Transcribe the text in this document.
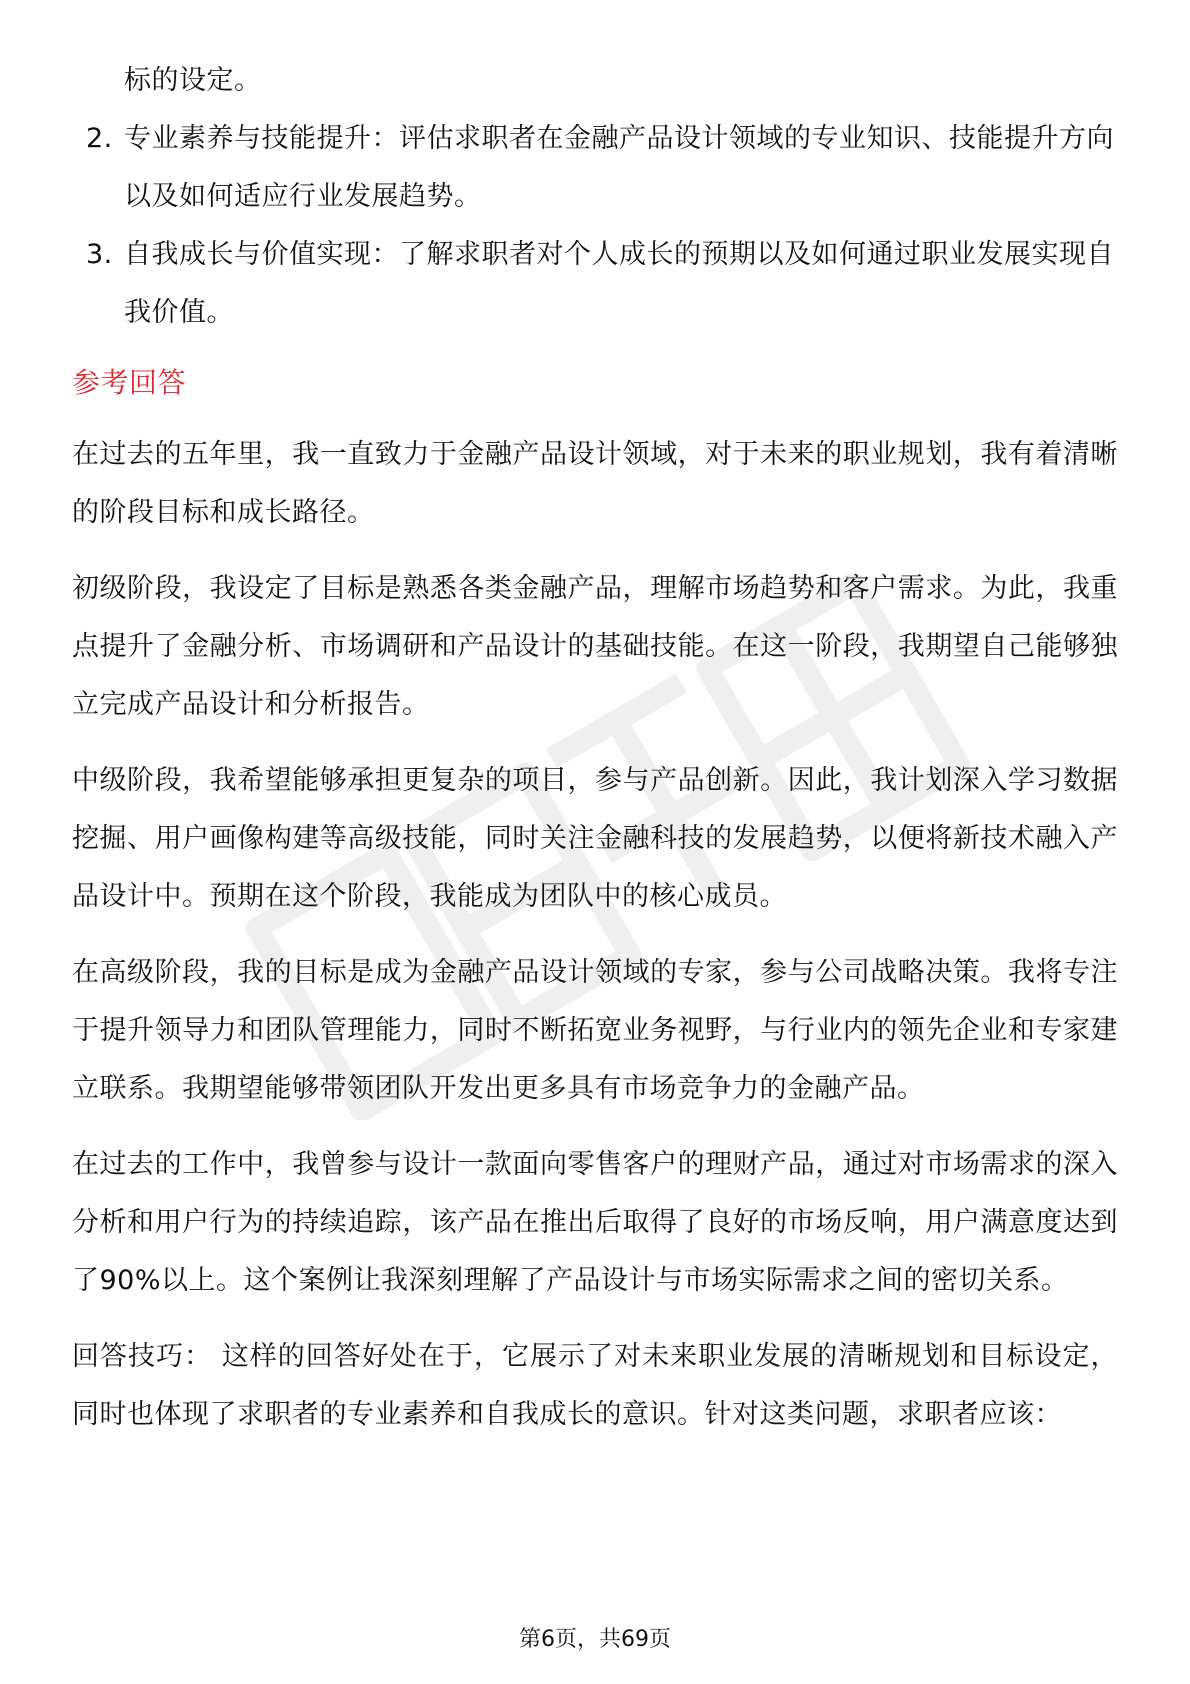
标的设定。
2. 专业素养与技能提升：评估求职者在金融产品设计领域的专业知识、技能提升方向以及如何适应行业发展趋势。
3. 自我成长与价值实现：了解求职者对个人成长的预期以及如何通过职业发展实现自我价值。
参考回答
在过去的五年里，我一直致力于金融产品设计领域，对于未来的职业规划，我有着清晰的阶段目标和成长路径。
初级阶段，我设定了目标是熟悉各类金融产品，理解市场趋势和客户需求。为此，我重点提升了金融分析、市场调研和产品设计的基础技能。在这一阶段，我期望自己能够独立完成产品设计和分析报告。
中级阶段，我希望能够承担更复杂的项目，参与产品创新。因此，我计划深入学习数据挖掘、用户画像构建等高级技能，同时关注金融科技的发展趋势，以便将新技术融入产品设计中。预期在这个阶段，我能成为团队中的核心成员。
在高级阶段，我的目标是成为金融产品设计领域的专家，参与公司战略决策。我将专注于提升领导力和团队管理能力，同时不断拓宽业务视野，与行业内的领先企业和专家建立联系。我期望能够带领团队开发出更多具有市场竞争力的金融产品。
在过去的工作中，我曾参与设计一款面向零售客户的理财产品，通过对市场需求的深入分析和用户行为的持续追踪，该产品在推出后取得了良好的市场反响，用户满意度达到了90%以上。这个案例让我深刻理解了产品设计与市场实际需求之间的密切关系。
回答技巧： 这样的回答好处在于，它展示了对未来职业发展的清晰规划和目标设定，同时也体现了求职者的专业素养和自我成长的意识。针对这类问题，求职者应该：
第6页，共69页
